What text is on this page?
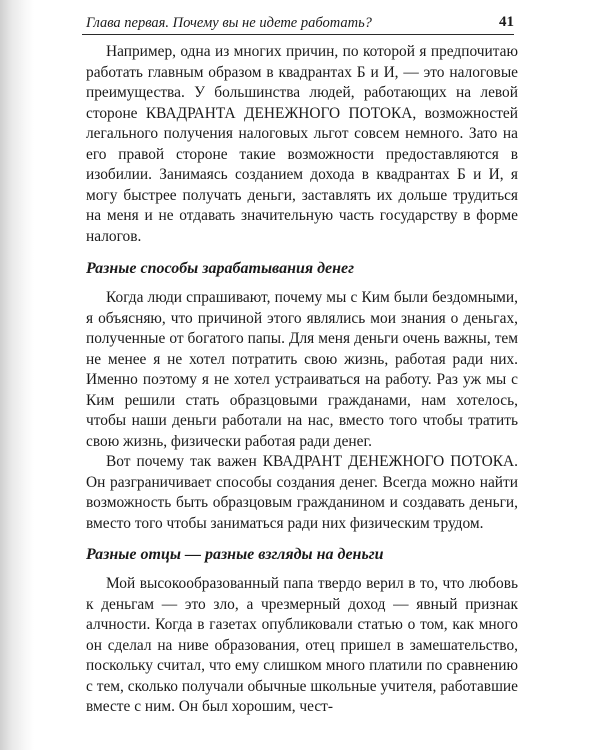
Глава первая. Почему вы не идете работать?	41

Например, одна из многих причин, по которой я предпочитаю работать главным образом в квадрантах Б и И, — это налоговые преимущества. У большинства людей, работающих на левой стороне КВАДРАНТА ДЕНЕЖНОГО ПОТОКА, возможностей легального получения налоговых льгот совсем немного. Зато на его правой стороне такие возможности предоставляются в изобилии. Занимаясь созданием дохода в квадрантах Б и И, я могу быстрее получать деньги, заставлять их дольше трудиться на меня и не отдавать значительную часть государству в форме налогов.

Разные способы зарабатывания денег

Когда люди спрашивают, почему мы с Ким были бездомными, я объясняю, что причиной этого являлись мои знания о деньгах, полученные от богатого папы. Для меня деньги очень важны, тем не менее я не хотел потратить свою жизнь, работая ради них. Именно поэтому я не хотел устраиваться на работу. Раз уж мы с Ким решили стать образцовыми гражданами, нам хотелось, чтобы наши деньги работали на нас, вместо того чтобы тратить свою жизнь, физически работая ради денег.

Вот почему так важен КВАДРАНТ ДЕНЕЖНОГО ПОТОКА. Он разграничивает способы создания денег. Всегда можно найти возможность быть образцовым гражданином и создавать деньги, вместо того чтобы заниматься ради них физическим трудом.

Разные отцы — разные взгляды на деньги

Мой высокообразованный папа твердо верил в то, что любовь к деньгам — это зло, а чрезмерный доход — явный признак алчности. Когда в газетах опубликовали статью о том, как много он сделал на ниве образования, отец пришел в замешательство, поскольку считал, что ему слишком много платили по сравнению с тем, сколько получали обычные школьные учителя, работавшие вместе с ним. Он был хорошим, чест-
